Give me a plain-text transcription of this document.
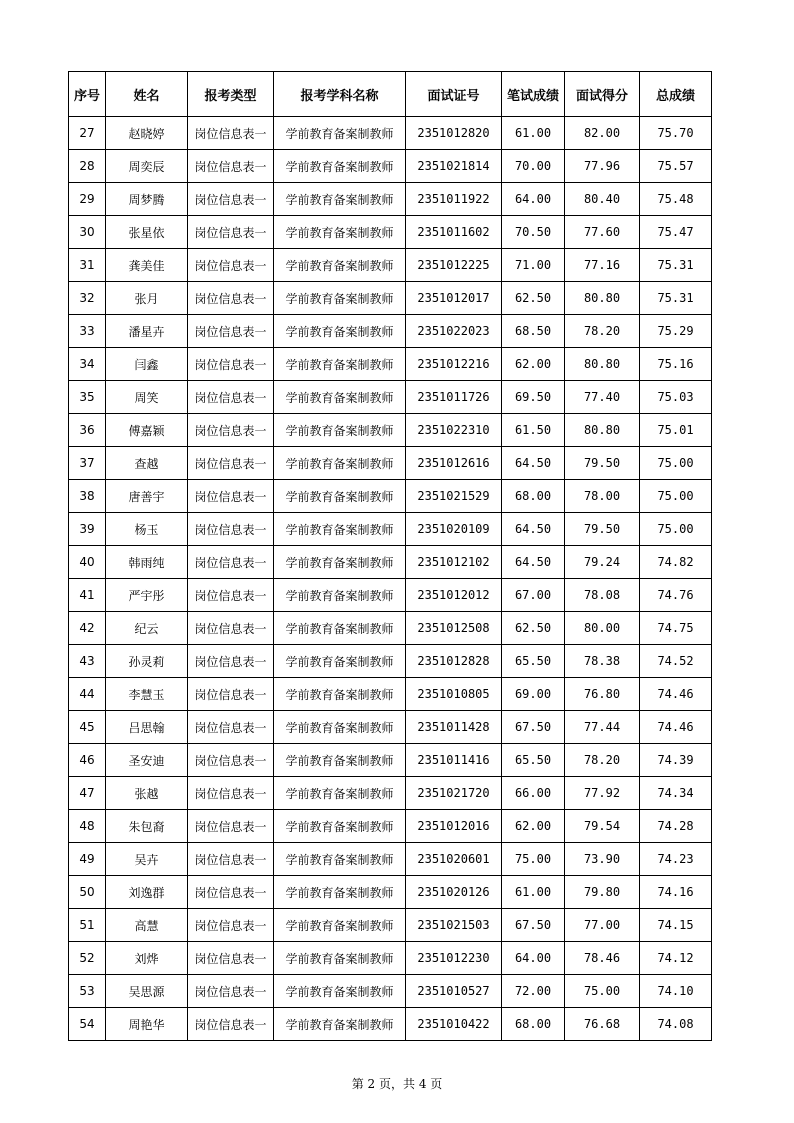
序号	姓名	报考类型	报考学科名称	面试证号	笔试成绩	面试得分	总成绩
27	赵晓婷	岗位信息表一	学前教育备案制教师	2351012820	61.00	82.00	75.70
28	周奕辰	岗位信息表一	学前教育备案制教师	2351021814	70.00	77.96	75.57
29	周梦腾	岗位信息表一	学前教育备案制教师	2351011922	64.00	80.40	75.48
30	张星依	岗位信息表一	学前教育备案制教师	2351011602	70.50	77.60	75.47
31	龚美佳	岗位信息表一	学前教育备案制教师	2351012225	71.00	77.16	75.31
32	张月	岗位信息表一	学前教育备案制教师	2351012017	62.50	80.80	75.31
33	潘星卉	岗位信息表一	学前教育备案制教师	2351022023	68.50	78.20	75.29
34	闫鑫	岗位信息表一	学前教育备案制教师	2351012216	62.00	80.80	75.16
35	周笑	岗位信息表一	学前教育备案制教师	2351011726	69.50	77.40	75.03
36	傅嘉颖	岗位信息表一	学前教育备案制教师	2351022310	61.50	80.80	75.01
37	查越	岗位信息表一	学前教育备案制教师	2351012616	64.50	79.50	75.00
38	唐善宇	岗位信息表一	学前教育备案制教师	2351021529	68.00	78.00	75.00
39	杨玉	岗位信息表一	学前教育备案制教师	2351020109	64.50	79.50	75.00
40	韩雨纯	岗位信息表一	学前教育备案制教师	2351012102	64.50	79.24	74.82
41	严宇彤	岗位信息表一	学前教育备案制教师	2351012012	67.00	78.08	74.76
42	纪云	岗位信息表一	学前教育备案制教师	2351012508	62.50	80.00	74.75
43	孙灵莉	岗位信息表一	学前教育备案制教师	2351012828	65.50	78.38	74.52
44	李慧玉	岗位信息表一	学前教育备案制教师	2351010805	69.00	76.80	74.46
45	吕思翰	岗位信息表一	学前教育备案制教师	2351011428	67.50	77.44	74.46
46	圣安迪	岗位信息表一	学前教育备案制教师	2351011416	65.50	78.20	74.39
47	张越	岗位信息表一	学前教育备案制教师	2351021720	66.00	77.92	74.34
48	朱包裔	岗位信息表一	学前教育备案制教师	2351012016	62.00	79.54	74.28
49	吴卉	岗位信息表一	学前教育备案制教师	2351020601	75.00	73.90	74.23
50	刘逸群	岗位信息表一	学前教育备案制教师	2351020126	61.00	79.80	74.16
51	高慧	岗位信息表一	学前教育备案制教师	2351021503	67.50	77.00	74.15
52	刘烨	岗位信息表一	学前教育备案制教师	2351012230	64.00	78.46	74.12
53	吴思源	岗位信息表一	学前教育备案制教师	2351010527	72.00	75.00	74.10
54	周艳华	岗位信息表一	学前教育备案制教师	2351010422	68.00	76.68	74.08
第 2 页，共 4 页
